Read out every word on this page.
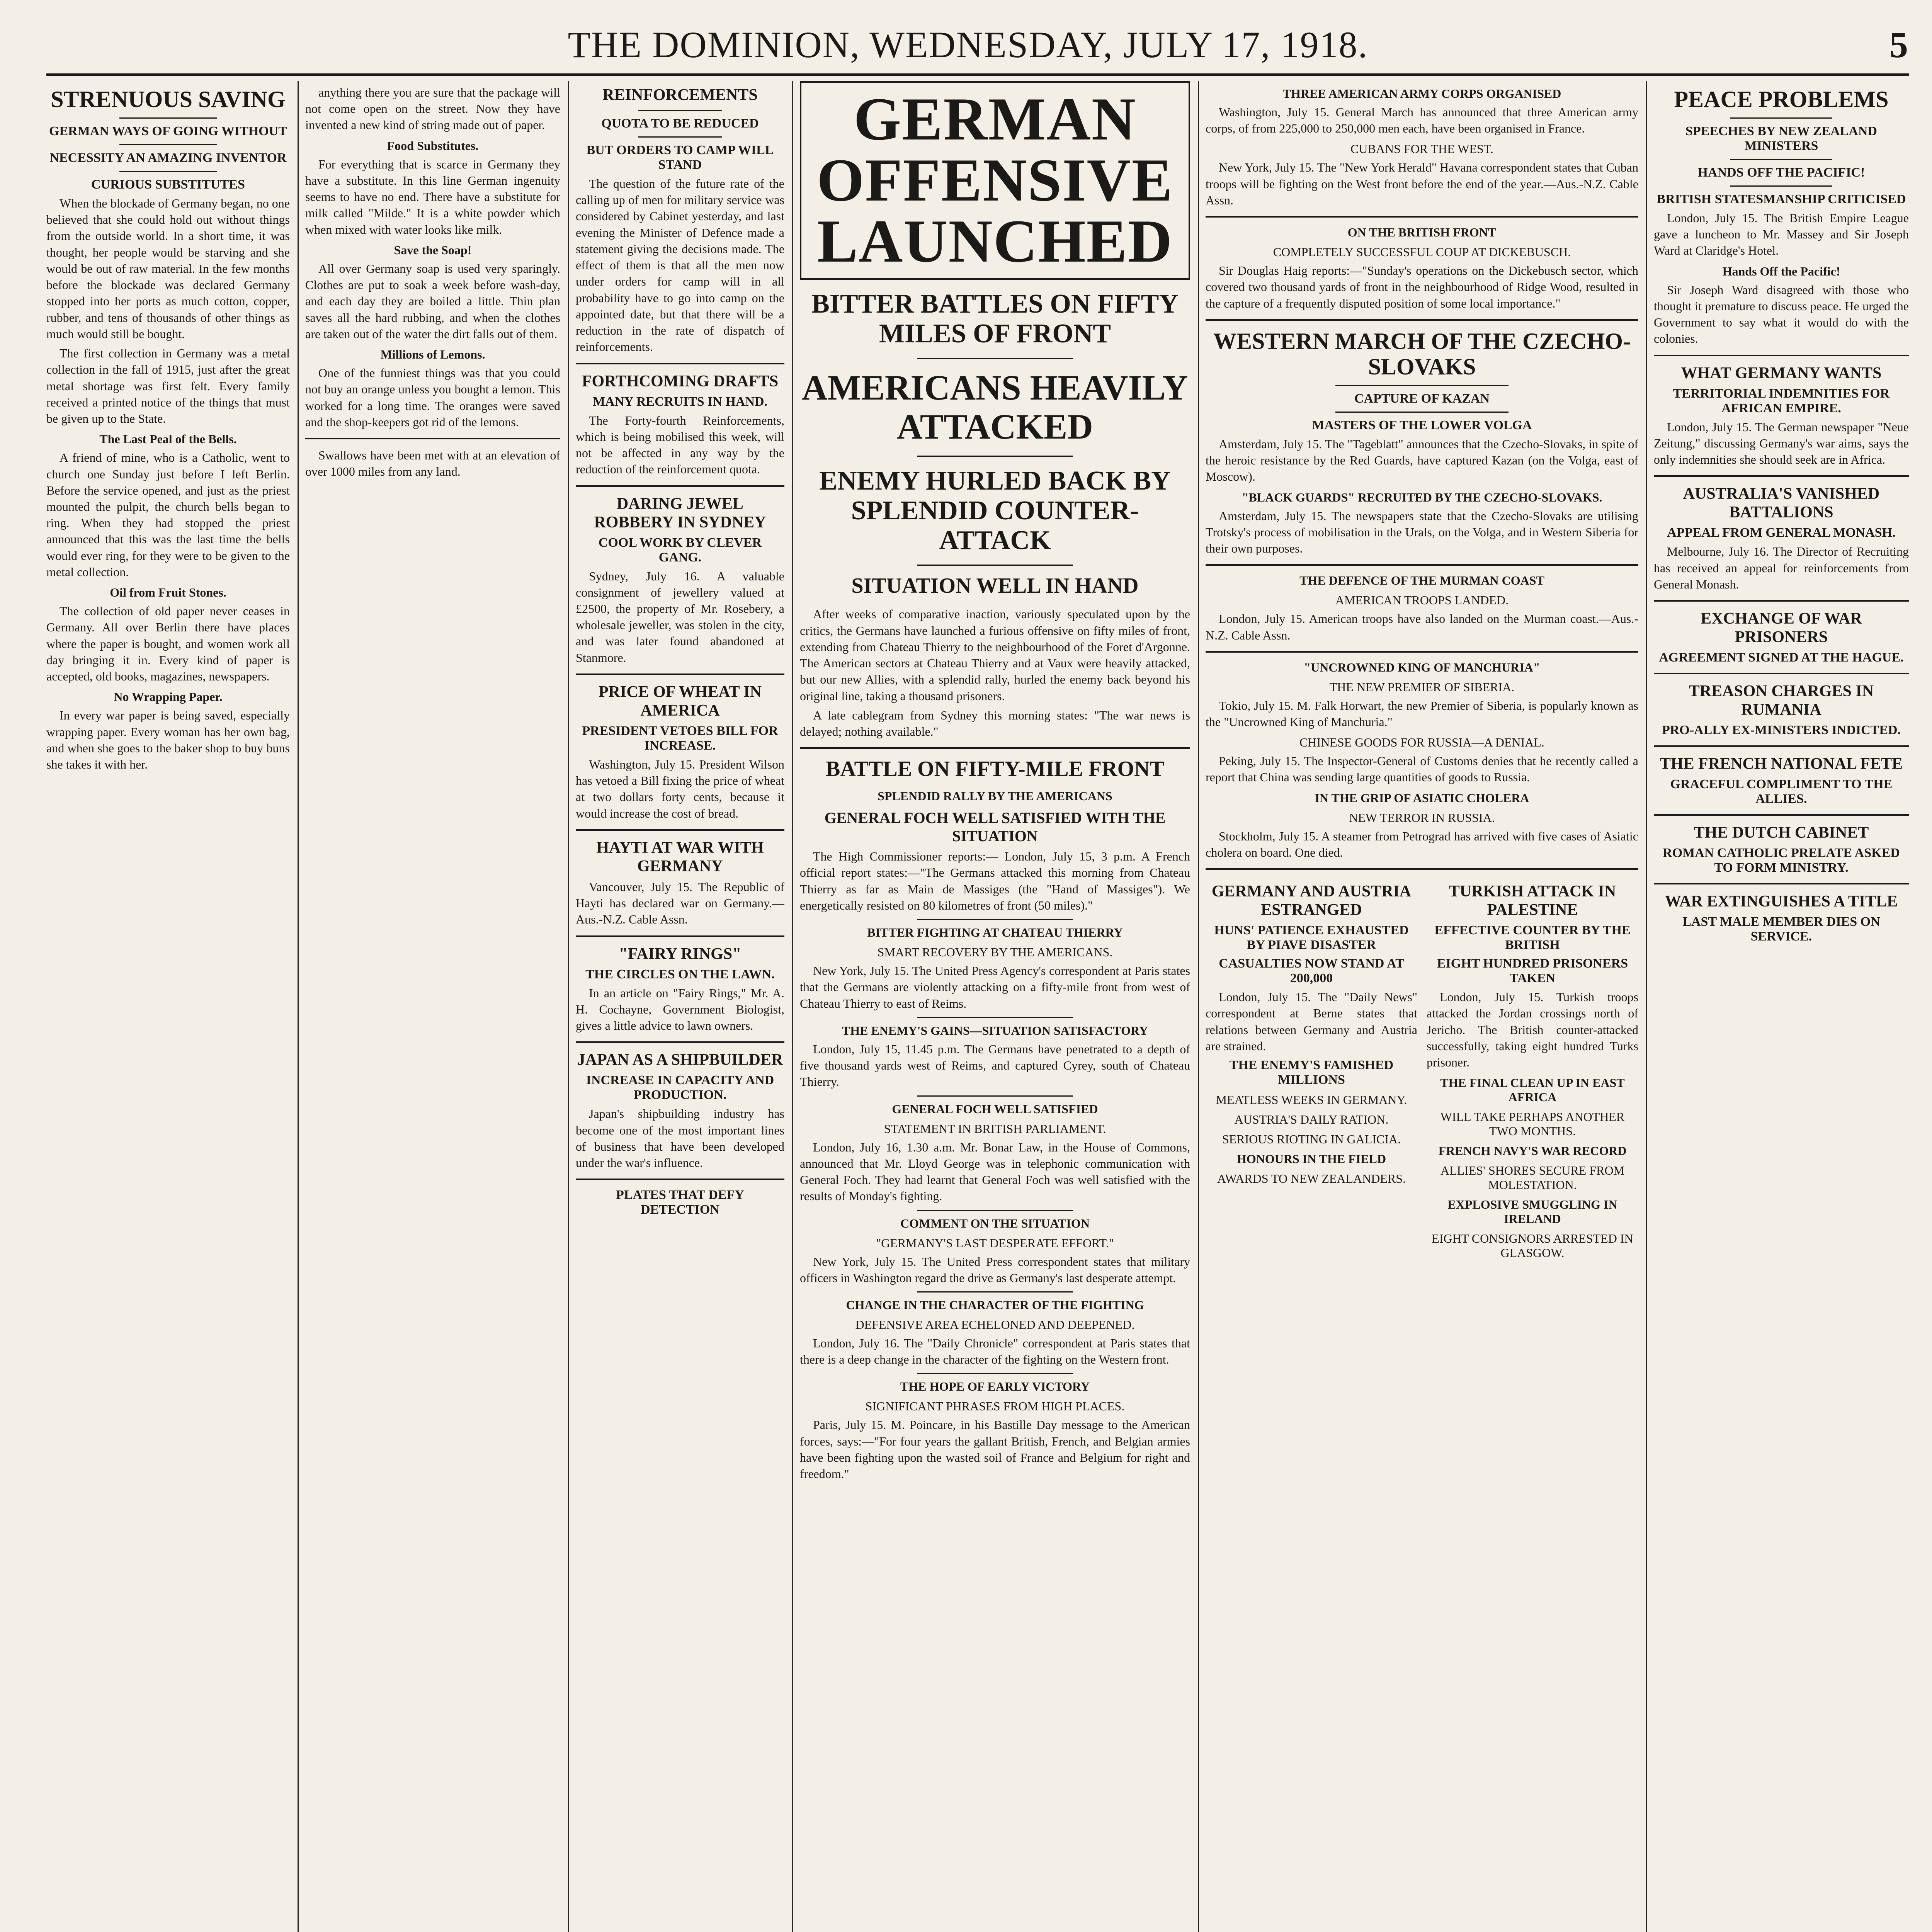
THE DOMINION, WEDNESDAY, JULY 17, 1918.	5
STRENUOUS SAVING
GERMAN WAYS OF GOING WITHOUT
NECESSITY AN AMAZING INVENTOR
CURIOUS SUBSTITUTES

When the blockade of Germany began, no one believed that she could hold out without things from the outside world. In a short time, it was thought, her people would be starving and she would be out of raw material. In the few months before the blockade was declared Germany stopped into her ports as much cotton, copper, rubber, and tens of thousands of other things as much would still be bought.

The first collection in Germany was a metal collection in the fall of 1915, just after the great metal shortage was first felt. Every family received a printed notice of the things that must be given up to the State.

The Last Peal of the Bells.

A friend of mine, who is a Catholic, went to church one Sunday just before I left Berlin. Before the service opened, and just as the priest mounted the pulpit, the church bells began to ring. When they had stopped the priest announced that this was the last time the bells would ever ring, for they were to be given to the metal collection.

Oil from Fruit Stones.

The collection of old paper never ceases in Germany. All over Berlin there have places where the paper is bought, and women work all day bringing it in. Every kind of paper is accepted, old books, magazines, newspapers.

No Wrapping Paper.

In every war paper is being saved, especially wrapping paper. Every woman has her own bag, and when she goes to the baker shop to buy buns she takes it with her.

anything there you are sure that the package will not come open on the street. Now they have invented a new kind of string made out of paper.

Food Substitutes.

For everything that is scarce in Germany they have a substitute. In this line German ingenuity seems to have no end. There have a substitute for milk called "Milde." It is a white powder which when mixed with water looks like milk.

Save the Soap!

All over Germany soap is used very sparingly. Clothes are put to soak a week before wash-day, and each day they are boiled a little. Thin plan saves all the hard rubbing, and when the clothes are taken out of the water the dirt falls out of them.

Millions of Lemons.

One of the funniest things was that you could not buy an orange unless you bought a lemon. This worked for a long time. The oranges were saved and the shop-keepers got rid of the lemons.

Swallows have been met with at an elevation of over 1000 miles from any land.

REINFORCEMENTS
QUOTA TO BE REDUCED
BUT ORDERS TO CAMP WILL STAND

The question of the future rate of the calling up of men for military service was considered by Cabinet yesterday, and last evening the Minister of Defence made a statement giving the decisions made. The effect of them is that all the men now under orders for camp will in all probability have to go into camp on the appointed date, but that there will be a reduction in the rate of dispatch of reinforcements.

FORTHCOMING DRAFTS
MANY RECRUITS IN HAND.

The Forty-fourth Reinforcements, which is being mobilised this week, will not be affected in any way by the reduction of the reinforcement quota.

DARING JEWEL ROBBERY IN SYDNEY
COOL WORK BY CLEVER GANG.

Sydney, July 16. A valuable consignment of jewellery valued at £2500, the property of Mr. Rosebery, a wholesale jeweller, was stolen in the city, and was later found abandoned at Stanmore.

PRICE OF WHEAT IN AMERICA
PRESIDENT VETOES BILL FOR INCREASE.

Washington, July 15. President Wilson has vetoed a Bill fixing the price of wheat at two dollars forty cents, because it would increase the cost of bread.

HAYTI AT WAR WITH GERMANY

Vancouver, July 15. The Republic of Hayti has declared war on Germany.—Aus.-N.Z. Cable Assn.

"FAIRY RINGS"
THE CIRCLES ON THE LAWN.

In an article on "Fairy Rings," Mr. A. H. Cochayne, Government Biologist, gives a little advice to lawn owners.

JAPAN AS A SHIPBUILDER
INCREASE IN CAPACITY AND PRODUCTION.

Japan's shipbuilding industry has become one of the most important lines of business that have been developed under the war's influence.

PLATES THAT DEFY DETECTION
GERMAN OFFENSIVE LAUNCHED
BITTER BATTLES ON FIFTY MILES OF FRONT
AMERICANS HEAVILY ATTACKED
ENEMY HURLED BACK BY SPLENDID COUNTER-ATTACK
SITUATION WELL IN HAND

After weeks of comparative inaction, variously speculated upon by the critics, the Germans have launched a furious offensive on fifty miles of front, extending from Chateau Thierry to the neighbourhood of the Foret d'Argonne. The American sectors at Chateau Thierry and at Vaux were heavily attacked, but our new Allies, with a splendid rally, hurled the enemy back beyond his original line, taking a thousand prisoners.

A late cablegram from Sydney this morning states: "The war news is delayed; nothing available."

BATTLE ON FIFTY-MILE FRONT
SPLENDID RALLY BY THE AMERICANS
GENERAL FOCH WELL SATISFIED WITH THE SITUATION

The High Commissioner reports:— London, July 15, 3 p.m. A French official report states:—"The Germans attacked this morning from Chateau Thierry as far as Main de Massiges (the "Hand of Massiges"). We energetically resisted on 80 kilometres of front (50 miles)."

BITTER FIGHTING AT CHATEAU THIERRY
SMART RECOVERY BY THE AMERICANS.

New York, July 15. The United Press Agency's correspondent at Paris states that the Germans are violently attacking on a fifty-mile front from west of Chateau Thierry to east of Reims.

THE ENEMY'S GAINS—SITUATION SATISFACTORY

London, July 15, 11.45 p.m. The Germans have penetrated to a depth of five thousand yards west of Reims, and captured Cyrey, south of Chateau Thierry.

GENERAL FOCH WELL SATISFIED
STATEMENT IN BRITISH PARLIAMENT.

London, July 16, 1.30 a.m. Mr. Bonar Law, in the House of Commons, announced that Mr. Lloyd George was in telephonic communication with General Foch. They had learnt that General Foch was well satisfied with the results of Monday's fighting.

COMMENT ON THE SITUATION
"GERMANY'S LAST DESPERATE EFFORT."

New York, July 15. The United Press correspondent states that military officers in Washington regard the drive as Germany's last desperate attempt.

CHANGE IN THE CHARACTER OF THE FIGHTING
DEFENSIVE AREA ECHELONED AND DEEPENED.

London, July 16. The "Daily Chronicle" correspondent at Paris states that there is a deep change in the character of the fighting on the Western front.

THE HOPE OF EARLY VICTORY
SIGNIFICANT PHRASES FROM HIGH PLACES.

Paris, July 15. M. Poincare, in his Bastille Day message to the American forces, says:—"For four years the gallant British, French, and Belgian armies have been fighting upon the wasted soil of France and Belgium for right and freedom."

THREE AMERICAN ARMY CORPS ORGANISED

Washington, July 15. General March has announced that three American army corps, of from 225,000 to 250,000 men each, have been organised in France.

CUBANS FOR THE WEST.

New York, July 15. The "New York Herald" Havana correspondent states that Cuban troops will be fighting on the West front before the end of the year.—Aus.-N.Z. Cable Assn.

ON THE BRITISH FRONT
COMPLETELY SUCCESSFUL COUP AT DICKEBUSCH.

Sir Douglas Haig reports:—"Sunday's operations on the Dickebusch sector, which covered two thousand yards of front in the neighbourhood of Ridge Wood, resulted in the capture of a frequently disputed position of some local importance."

WESTERN MARCH OF THE CZECHO-SLOVAKS
CAPTURE OF KAZAN
MASTERS OF THE LOWER VOLGA

Amsterdam, July 15. The "Tageblatt" announces that the Czecho-Slovaks, in spite of the heroic resistance by the Red Guards, have captured Kazan (on the Volga, east of Moscow).

"BLACK GUARDS" RECRUITED BY THE CZECHO-SLOVAKS.

Amsterdam, July 15. The newspapers state that the Czecho-Slovaks are utilising Trotsky's process of mobilisation in the Urals, on the Volga, and in Western Siberia for their own purposes.

THE DEFENCE OF THE MURMAN COAST
AMERICAN TROOPS LANDED.

London, July 15. American troops have also landed on the Murman coast.—Aus.-N.Z. Cable Assn.

"UNCROWNED KING OF MANCHURIA"
THE NEW PREMIER OF SIBERIA.

Tokio, July 15. M. Falk Horwart, the new Premier of Siberia, is popularly known as the "Uncrowned King of Manchuria."

CHINESE GOODS FOR RUSSIA—A DENIAL.

Peking, July 15. The Inspector-General of Customs denies that he recently called a report that China was sending large quantities of goods to Russia.

IN THE GRIP OF ASIATIC CHOLERA
NEW TERROR IN RUSSIA.

Stockholm, July 15. A steamer from Petrograd has arrived with five cases of Asiatic cholera on board. One died.

GERMANY AND AUSTRIA ESTRANGED
HUNS' PATIENCE EXHAUSTED BY PIAVE DISASTER
CASUALTIES NOW STAND AT 200,000

London, July 15. The "Daily News" correspondent at Berne states that relations between Germany and Austria are strained.

THE ENEMY'S FAMISHED MILLIONS
MEATLESS WEEKS IN GERMANY.
AUSTRIA'S DAILY RATION.
SERIOUS RIOTING IN GALICIA.
HONOURS IN THE FIELD
AWARDS TO NEW ZEALANDERS.
TURKISH ATTACK IN PALESTINE
EFFECTIVE COUNTER BY THE BRITISH
EIGHT HUNDRED PRISONERS TAKEN

London, July 15. Turkish troops attacked the Jordan crossings north of Jericho. The British counter-attacked successfully, taking eight hundred Turks prisoner.

THE FINAL CLEAN UP IN EAST AFRICA
WILL TAKE PERHAPS ANOTHER TWO MONTHS.
FRENCH NAVY'S WAR RECORD
ALLIES' SHORES SECURE FROM MOLESTATION.
EXPLOSIVE SMUGGLING IN IRELAND
EIGHT CONSIGNORS ARRESTED IN GLASGOW.
PEACE PROBLEMS
SPEECHES BY NEW ZEALAND MINISTERS
HANDS OFF THE PACIFIC!
BRITISH STATESMANSHIP CRITICISED

London, July 15. The British Empire League gave a luncheon to Mr. Massey and Sir Joseph Ward at Claridge's Hotel.

Hands Off the Pacific!

Sir Joseph Ward disagreed with those who thought it premature to discuss peace. He urged the Government to say what it would do with the colonies.

WHAT GERMANY WANTS
TERRITORIAL INDEMNITIES FOR AFRICAN EMPIRE.

London, July 15. The German newspaper "Neue Zeitung," discussing Germany's war aims, says the only indemnities she should seek are in Africa.

AUSTRALIA'S VANISHED BATTALIONS
APPEAL FROM GENERAL MONASH.

Melbourne, July 16. The Director of Recruiting has received an appeal for reinforcements from General Monash.

EXCHANGE OF WAR PRISONERS
AGREEMENT SIGNED AT THE HAGUE.
TREASON CHARGES IN RUMANIA
PRO-ALLY EX-MINISTERS INDICTED.
THE FRENCH NATIONAL FETE
GRACEFUL COMPLIMENT TO THE ALLIES.
THE DUTCH CABINET
ROMAN CATHOLIC PRELATE ASKED TO FORM MINISTRY.
WAR EXTINGUISHES A TITLE
LAST MALE MEMBER DIES ON SERVICE.
